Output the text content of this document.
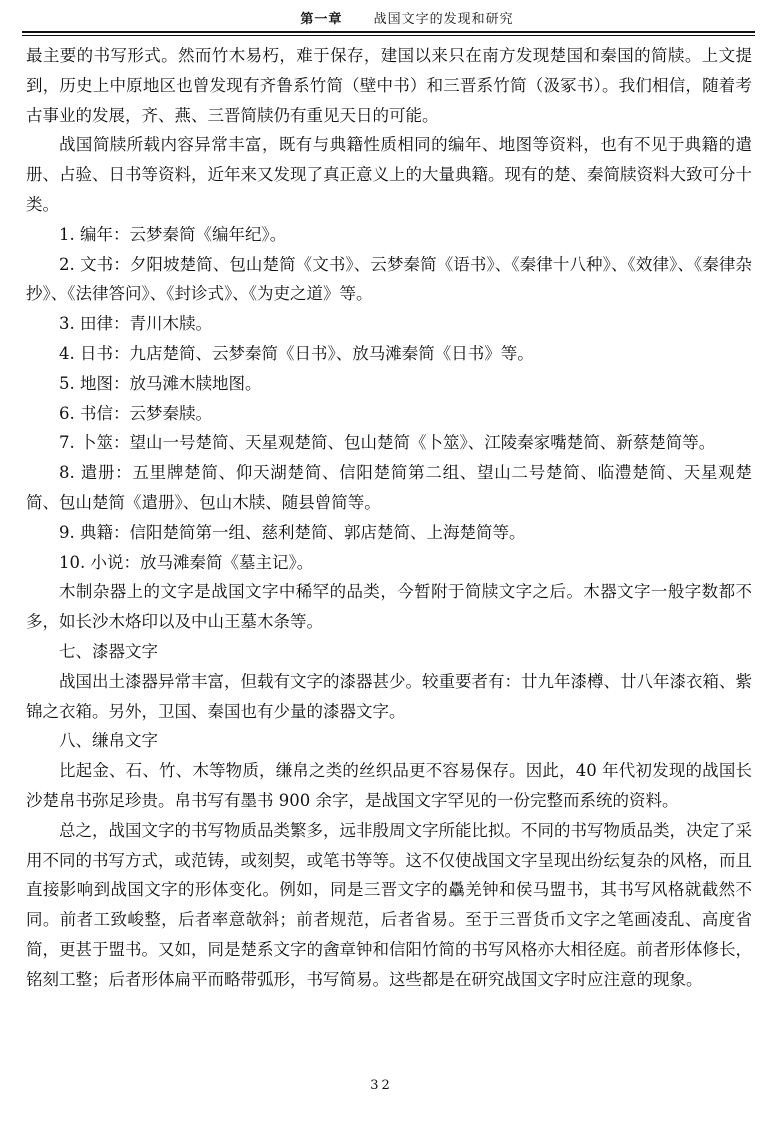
第一章 战国文字的发现和研究

最主要的书写形式。然而竹木易朽，难于保存，建国以来只在南方发现楚国和秦国的简牍。上文提到，历史上中原地区也曾发现有齐鲁系竹简（壁中书）和三晋系竹简（汲冢书）。我们相信，随着考古事业的发展，齐、燕、三晋简牍仍有重见天日的可能。

战国简牍所载内容异常丰富，既有与典籍性质相同的编年、地图等资料，也有不见于典籍的遣册、占验、日书等资料，近年来又发现了真正意义上的大量典籍。现有的楚、秦简牍资料大致可分十类。

1. 编年：云梦秦简《编年纪》。

2. 文书：夕阳坡楚简、包山楚简《文书》、云梦秦简《语书》、《秦律十八种》、《效律》、《秦律杂抄》、《法律答问》、《封诊式》、《为吏之道》等。

3. 田律：青川木牍。

4. 日书：九店楚简、云梦秦简《日书》、放马滩秦简《日书》等。

5. 地图：放马滩木牍地图。

6. 书信：云梦秦牍。

7. 卜筮：望山一号楚简、天星观楚简、包山楚简《卜筮》、江陵秦家嘴楚简、新蔡楚简等。

8. 遣册：五里牌楚简、仰天湖楚简、信阳楚简第二组、望山二号楚简、临澧楚简、天星观楚简、包山楚简《遣册》、包山木牍、随县曾简等。

9. 典籍：信阳楚简第一组、慈利楚简、郭店楚简、上海楚简等。

10. 小说：放马滩秦简《墓主记》。

木制杂器上的文字是战国文字中稀罕的品类，今暂附于简牍文字之后。木器文字一般字数都不多，如长沙木烙印以及中山王墓木条等。

七、漆器文字

战国出土漆器异常丰富，但载有文字的漆器甚少。较重要者有：廿九年漆樽、廿八年漆衣箱、紫锦之衣箱。另外，卫国、秦国也有少量的漆器文字。

八、缣帛文字

比起金、石、竹、木等物质，缣帛之类的丝织品更不容易保存。因此，40 年代初发现的战国长沙楚帛书弥足珍贵。帛书写有墨书 900 余字，是战国文字罕见的一份完整而系统的资料。

总之，战国文字的书写物质品类繁多，远非殷周文字所能比拟。不同的书写物质品类，决定了采用不同的书写方式，或范铸，或刻契，或笔书等等。这不仅使战国文字呈现出纷纭复杂的风格，而且直接影响到战国文字的形体变化。例如，同是三晋文字的驫羌钟和侯马盟书，其书写风格就截然不同。前者工致峻整，后者率意欹斜；前者规范，后者省易。至于三晋货币文字之笔画凌乱、高度省简，更甚于盟书。又如，同是楚系文字的酓章钟和信阳竹简的书写风格亦大相径庭。前者形体修长，铭刻工整；后者形体扁平而略带弧形，书写简易。这些都是在研究战国文字时应注意的现象。

32
